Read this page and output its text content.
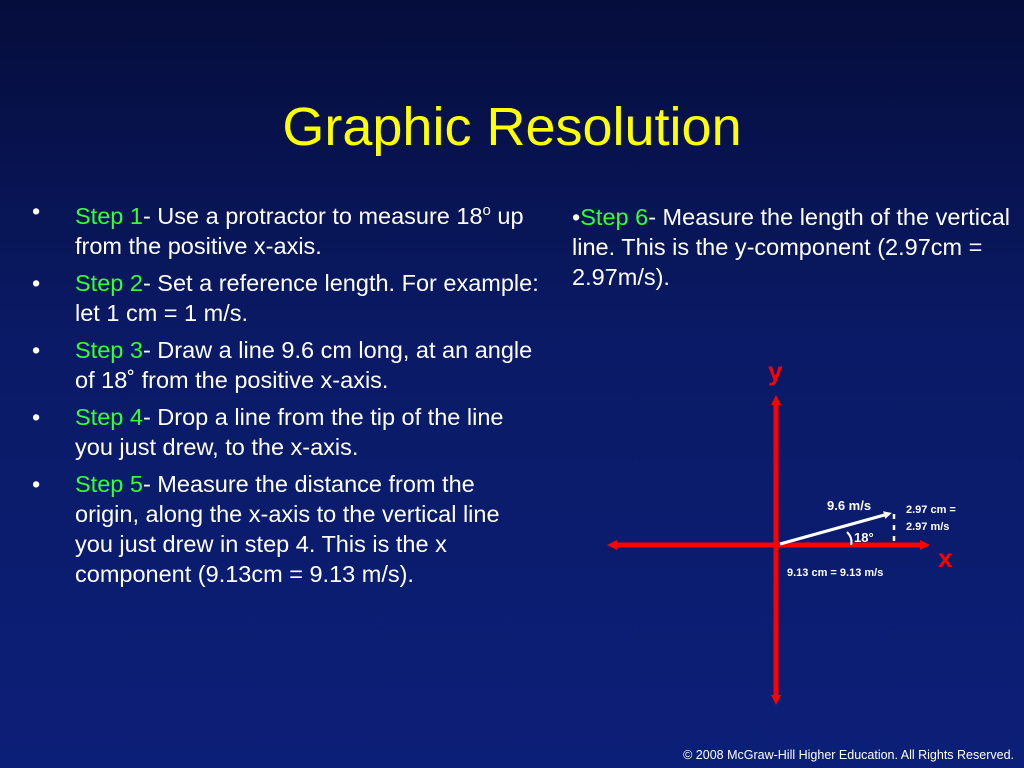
Graphic Resolution
• Step 1- Use a protractor to measure 18$^o$ up from the positive x-axis.
• Step 2- Set a reference length. For example: let 1 cm = 1 m/s.
• Step 3- Draw a line 9.6 cm long, at an angle of 18˚ from the positive x-axis.
• Step 4- Drop a line from the tip of the line you just drew, to the x-axis.
• Step 5- Measure the distance from the origin, along the x-axis to the vertical line you just drew in step 4. This is the x component (9.13cm = 9.13 m/s).
•Step 6- Measure the length of the vertical line. This is the y-component (2.97cm = 2.97m/s).
y
x
9.6 m/s
18°
2.97 cm =
2.97 m/s
9.13 cm = 9.13 m/s
© 2008 McGraw-Hill Higher Education. All Rights Reserved.
